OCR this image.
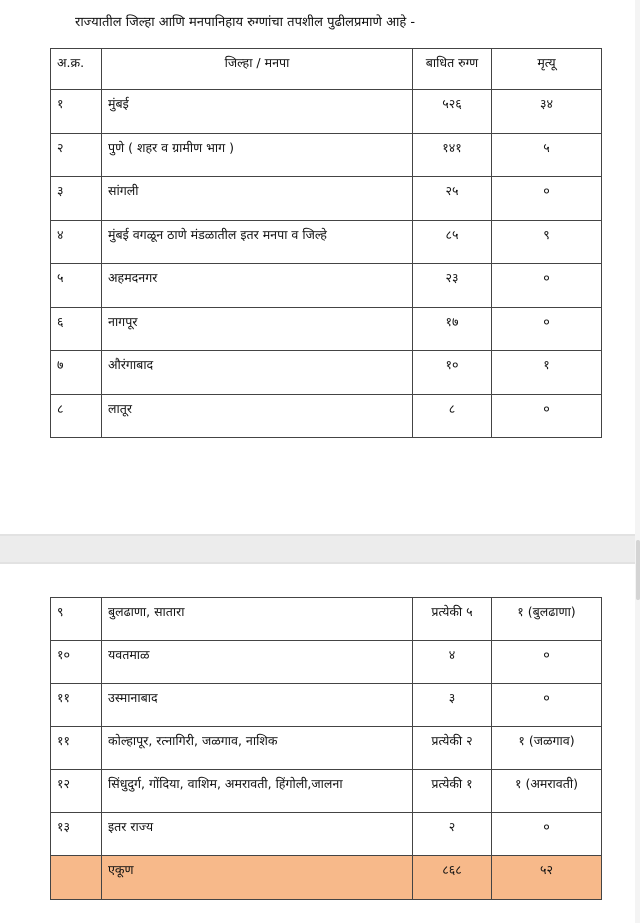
राज्यातील जिल्हा आणि मनपानिहाय रुग्णांचा तपशील पुढीलप्रमाणे आहे -
अ.क्र.	जिल्हा / मनपा	बाधित रुग्ण	मृत्यू
१	मुंबई	५२६	३४
२	पुणे ( शहर व ग्रामीण भाग )	१४१	५
३	सांगली	२५	०
४	मुंबई वगळून ठाणे मंडळातील इतर मनपा व जिल्हे	८५	९
५	अहमदनगर	२३	०
६	नागपूर	१७	०
७	औरंगाबाद	१०	१
८	लातूर	८	०
९	बुलढाणा, सातारा	प्रत्येकी ५	१ (बुलढाणा)
१०	यवतमाळ	४	०
११	उस्मानाबाद	३	०
११	कोल्हापूर, रत्नागिरी, जळगाव, नाशिक	प्रत्येकी २	१ (जळगाव)
१२	सिंधुदुर्ग, गोंदिया, वाशिम, अमरावती, हिंगोली,जालना	प्रत्येकी १	१ (अमरावती)
१३	इतर राज्य	२	०
	एकूण	८६८	५२
